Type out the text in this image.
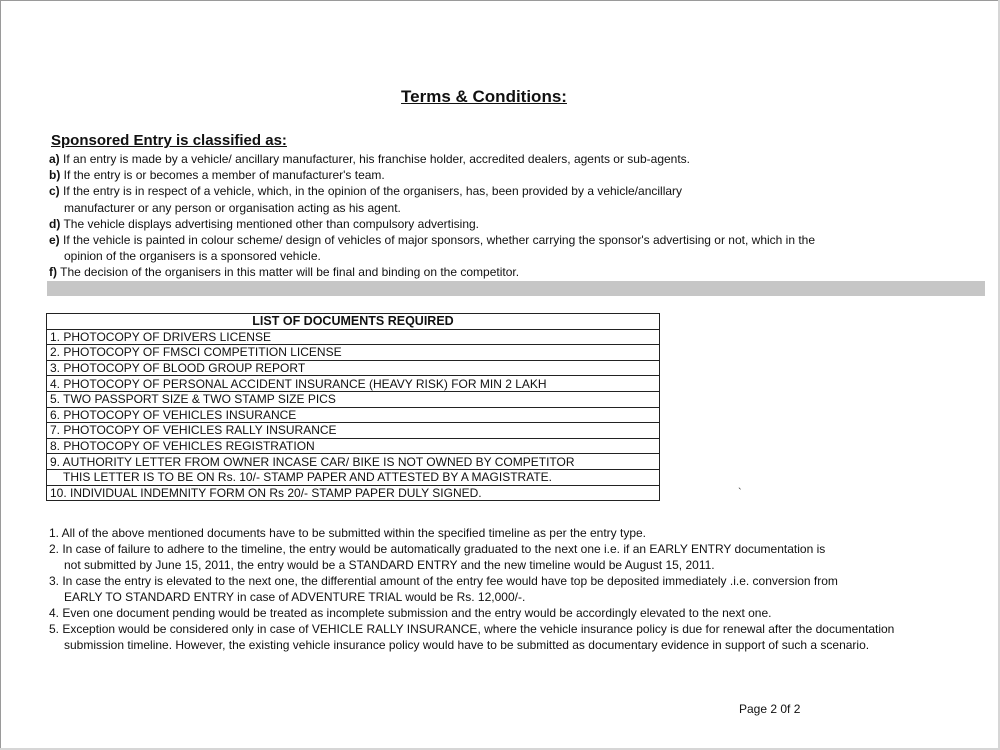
Terms & Conditions:
Sponsored Entry is classified as:

a) If an entry is made by a vehicle/ ancillary manufacturer, his franchise holder, accredited dealers, agents or sub-agents.

b) If the entry is or becomes a member of manufacturer's team.

c) If the entry is in respect of a vehicle, which, in the opinion of the organisers, has, been provided by a vehicle/ancillary
manufacturer or any person or organisation acting as his agent.

d) The vehicle displays advertising mentioned other than compulsory advertising.

e) If the vehicle is painted in colour scheme/ design of vehicles of major sponsors, whether carrying the sponsor's advertising or not, which in the
opinion of the organisers is a sponsored vehicle.

f) The decision of the organisers in this matter will be final and binding on the competitor.

LIST OF DOCUMENTS REQUIRED
1. PHOTOCOPY OF DRIVERS LICENSE
2. PHOTOCOPY OF FMSCI COMPETITION LICENSE
3. PHOTOCOPY OF BLOOD GROUP REPORT
4. PHOTOCOPY OF PERSONAL ACCIDENT INSURANCE (HEAVY RISK) FOR MIN 2 LAKH
5. TWO PASSPORT SIZE & TWO STAMP SIZE PICS
6. PHOTOCOPY OF VEHICLES INSURANCE
7. PHOTOCOPY OF VEHICLES RALLY INSURANCE
8. PHOTOCOPY OF VEHICLES REGISTRATION
9. AUTHORITY LETTER FROM OWNER INCASE CAR/ BIKE IS NOT OWNED BY COMPETITOR
THIS LETTER IS TO BE ON Rs. 10/- STAMP PAPER AND ATTESTED BY A MAGISTRATE.
10. INDIVIDUAL INDEMNITY FORM ON Rs 20/- STAMP PAPER DULY SIGNED.	`
1. All of the above mentioned documents have to be submitted within the specified timeline as per the entry type.
2. In case of failure to adhere to the timeline, the entry would be automatically graduated to the next one i.e. if an EARLY ENTRY documentation is
not submitted by June 15, 2011, the entry would be a STANDARD ENTRY and the new timeline would be August 15, 2011.
3. In case the entry is elevated to the next one, the differential amount of the entry fee would have top be deposited immediately .i.e. conversion from
EARLY TO STANDARD ENTRY in case of ADVENTURE TRIAL would be Rs. 12,000/-.
4. Even one document pending would be treated as incomplete submission and the entry would be accordingly elevated to the next one.
5. Exception would be considered only in case of VEHICLE RALLY INSURANCE, where the vehicle insurance policy is due for renewal after the documentation
submission timeline. However, the existing vehicle insurance policy would have to be submitted as documentary evidence in support of such a scenario.
Page 2 0f 2
